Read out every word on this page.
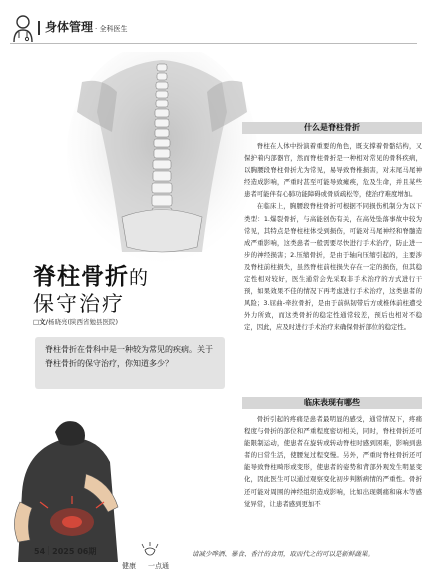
身体管理 · 全科医生
脊柱骨折的
保守治疗
□文/杨晓亮(陕西省勉县医院)
脊柱骨折在骨科中是一种较为常见的疾病。关于脊柱骨折的保守治疗，你知道多少？
什么是脊柱骨折

脊柱在人体中扮演着重要的角色，既支撑着骨骼结构，又保护着内部器官，然而脊柱骨折是一种相对常见的骨科疾病，以胸腰段脊柱骨折尤为常见，易导致脊椎损害，对末尾马尾神经造成影响，严重时甚至可能导致瘫痪，危及生命，并且某些患者可能伴有心肺功能障碍或骨质疏松等，使治疗难度增加。

在临床上，胸腰段脊柱骨折可根据不同损伤机制分为以下类型：1.爆裂骨折，与高能创伤有关，在高处坠落事故中较为常见，其特点是脊柱柱体受到损伤，可能对马尾神经和脊髓造成严重影响，这类患者一般需要尽快进行手术治疗，防止进一步的神经损害；2.压缩骨折，是由于轴向压缩引起的，主要涉及脊柱前柱损失，虽然脊柱前柱损失存在一定的损伤，但其稳定性相对较好，医生通常会先采取非手术治疗的方式进行干预，如果效果不佳的情况下再考虑进行手术治疗，这类患者的风险；3.屈曲-牵拉骨折，是由于前纵韧带后方或椎体前柱遭受外力所致，而这类骨折的稳定性通常较差，预后也相对不稳定，因此，应及时进行手术治疗来确保骨折部位的稳定性。

临床表现有哪些

骨折引起的疼痛是患者最明显的感受，通常情况下，疼痛程度与骨折的部位和严重程度密切相关，同时，脊柱骨折还可能限制运动，使患者在旋转或转动脊柱时感到困难，影响到患者的日常生活，使腰复过程变慢。另外，严重时脊柱骨折还可能导致脊柱畸形或变形，使患者的姿势和背部外观发生明显变化，因此医生可以通过观察变化初步判断病情的严重性。骨折还可能对周围的神经组织造成影响，比如出现刺痛和麻木等感觉异常，让患者感到更加不

54 2025 06期
健康 一点通
请减少哗酒、暴食、香汁的食用，取而代之的可以是新鲜蔬果。
